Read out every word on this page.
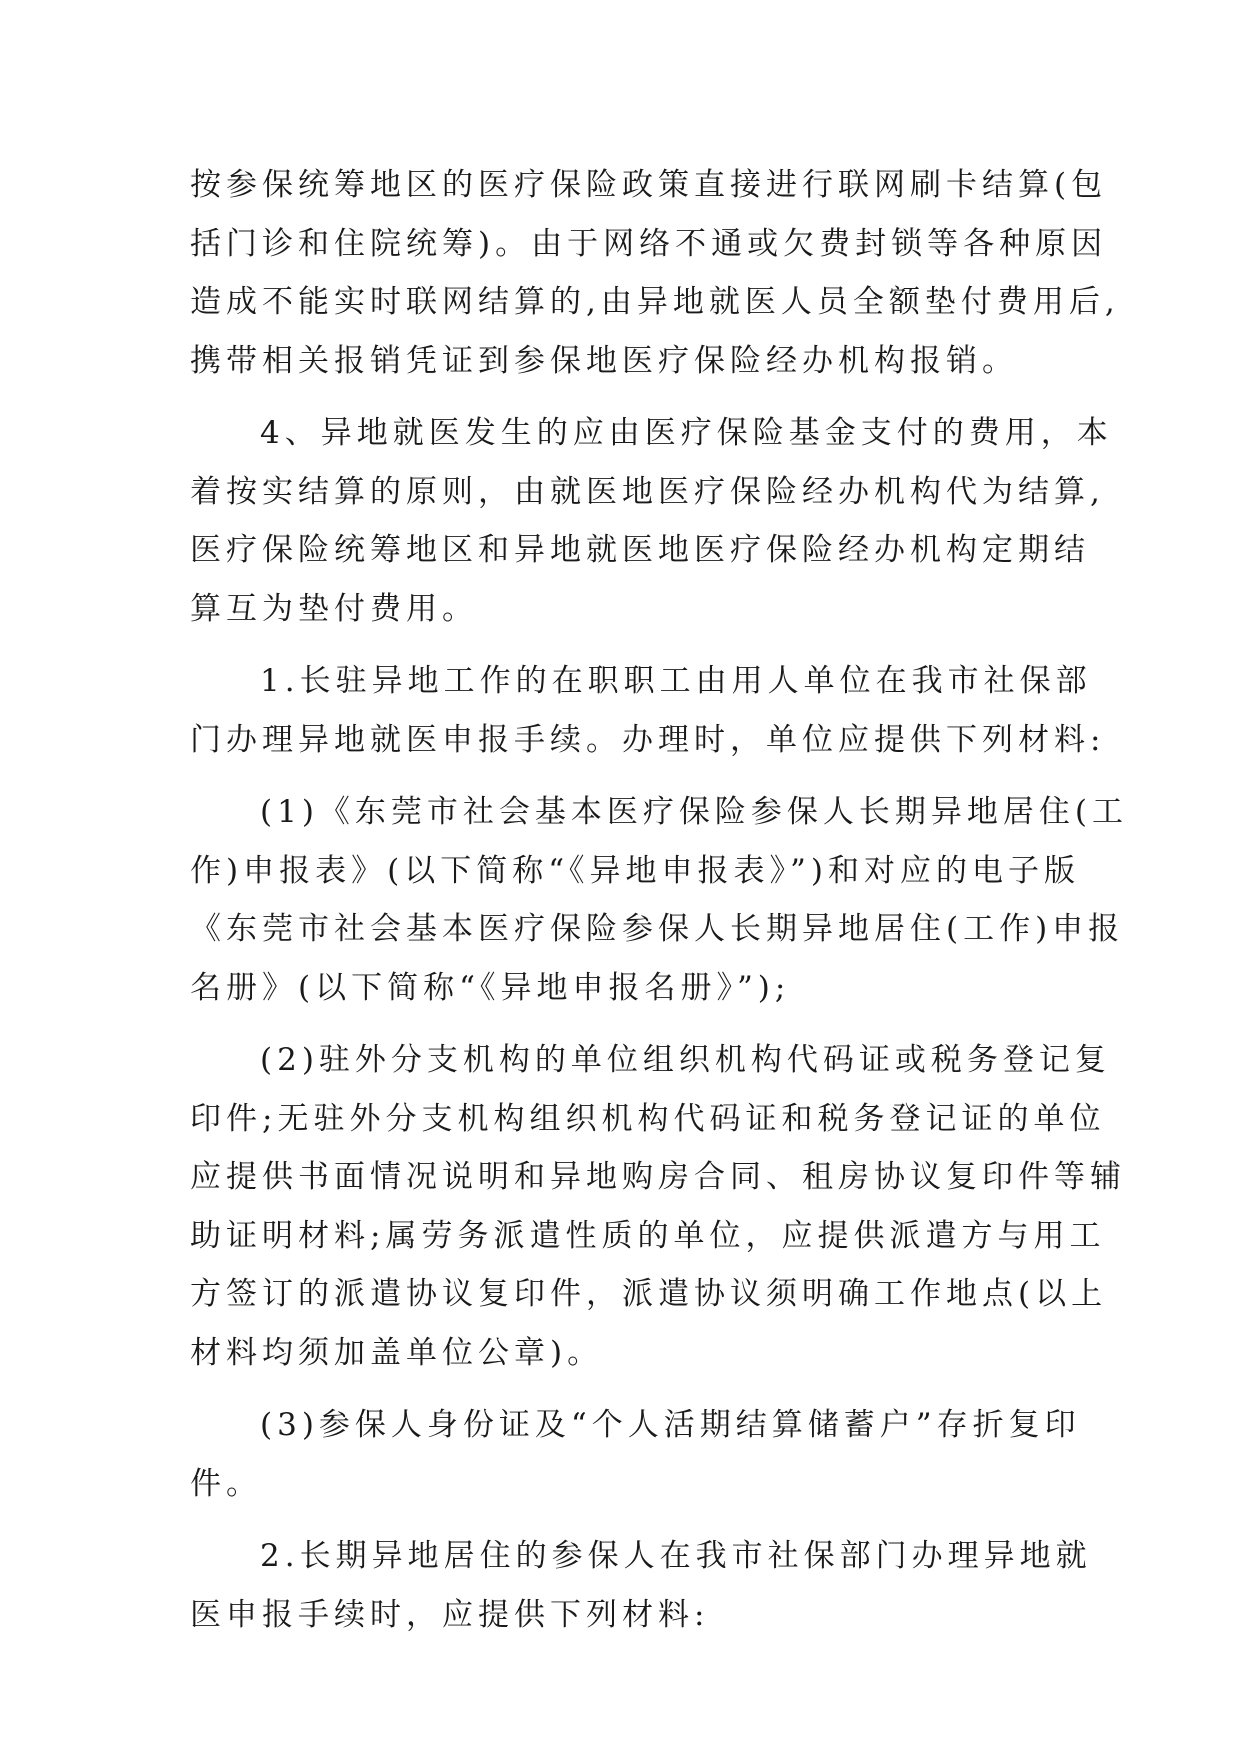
按参保统筹地区的医疗保险政策直接进行联网刷卡结算(包
括门诊和住院统筹)。由于网络不通或欠费封锁等各种原因
造成不能实时联网结算的,由异地就医人员全额垫付费用后,
携带相关报销凭证到参保地医疗保险经办机构报销。
4、异地就医发生的应由医疗保险基金支付的费用，本
着按实结算的原则，由就医地医疗保险经办机构代为结算,
医疗保险统筹地区和异地就医地医疗保险经办机构定期结
算互为垫付费用。
1.长驻异地工作的在职职工由用人单位在我市社保部
门办理异地就医申报手续。办理时，单位应提供下列材料:
(1)《东莞市社会基本医疗保险参保人长期异地居住(工
作)申报表》(以下简称“《异地申报表》”)和对应的电子版
《东莞市社会基本医疗保险参保人长期异地居住(工作)申报
名册》(以下简称“《异地申报名册》”);
(2)驻外分支机构的单位组织机构代码证或税务登记复
印件;无驻外分支机构组织机构代码证和税务登记证的单位
应提供书面情况说明和异地购房合同、租房协议复印件等辅
助证明材料;属劳务派遣性质的单位，应提供派遣方与用工
方签订的派遣协议复印件，派遣协议须明确工作地点(以上
材料均须加盖单位公章)。
(3)参保人身份证及“个人活期结算储蓄户”存折复印
件。
2.长期异地居住的参保人在我市社保部门办理异地就
医申报手续时，应提供下列材料:
